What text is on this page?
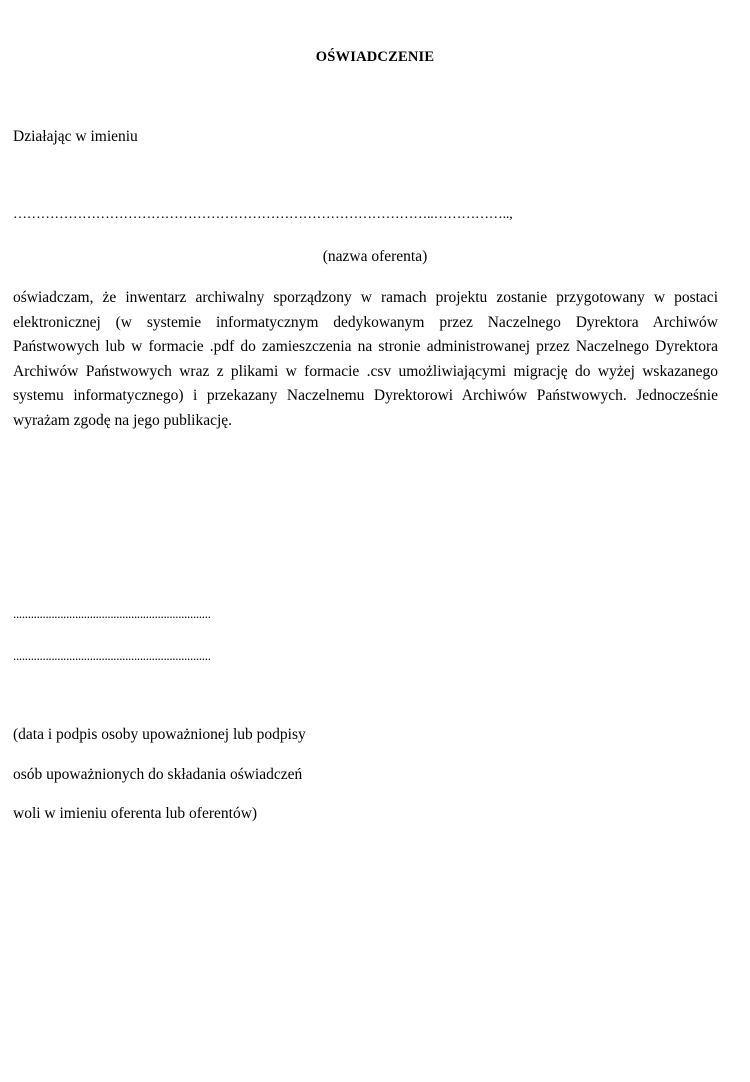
OŚWIADCZENIE
Działając w imieniu
………………………………………………………………………………..……………..,
(nazwa oferenta)
oświadczam, że inwentarz archiwalny sporządzony w ramach projektu zostanie przygotowany w postaci elektronicznej (w systemie informatycznym dedykowanym przez Naczelnego Dyrektora Archiwów Państwowych lub w formacie .pdf do zamieszczenia na stronie administrowanej przez Naczelnego Dyrektora Archiwów Państwowych wraz z plikami w formacie .csv umożliwiającymi migrację do wyżej wskazanego systemu informatycznego) i przekazany Naczelnemu Dyrektorowi Archiwów Państwowych. Jednocześnie wyrażam zgodę na jego publikację.
...................................................................
...................................................................
(data i podpis osoby upoważnionej lub podpisy
osób upoważnionych do składania oświadczeń
woli w imieniu oferenta lub oferentów)
